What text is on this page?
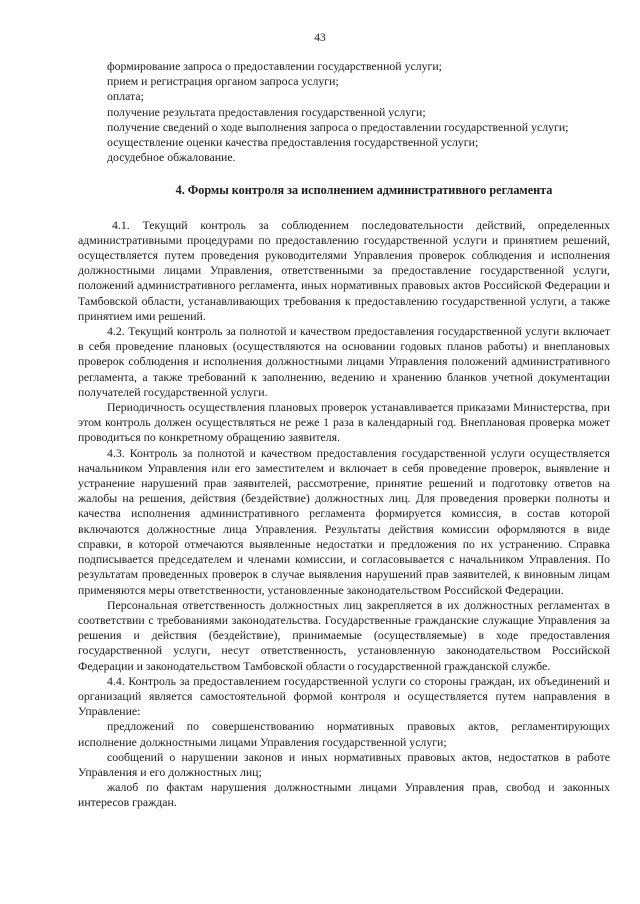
43

формирование запроса о предоставлении государственной услуги;

прием и регистрация органом запроса услуги;

оплата;

получение результата предоставления государственной услуги;

получение сведений о ходе выполнения запроса о предоставлении государственной услуги;

осуществление оценки качества предоставления государственной услуги;

досудебное обжалование.

4. Формы контроля за исполнением административного регламента

4.1. Текущий контроль за соблюдением последовательности действий, определенных административными процедурами по предоставлению государственной услуги и принятием решений, осуществляется путем проведения руководителями Управления проверок соблюдения и исполнения должностными лицами Управления, ответственными за предоставление государственной услуги, положений административного регламента, иных нормативных правовых актов Российской Федерации и Тамбовской области, устанавливающих требования к предоставлению государственной услуги, а также принятием ими решений.

4.2. Текущий контроль за полнотой и качеством предоставления государственной услуги включает в себя проведение плановых (осуществляются на основании годовых планов работы) и внеплановых проверок соблюдения и исполнения должностными лицами Управления положений административного регламента, а также требований к заполнению, ведению и хранению бланков учетной документации получателей государственной услуги.

Периодичность осуществления плановых проверок устанавливается приказами Министерства, при этом контроль должен осуществляться не реже 1 раза в календарный год. Внеплановая проверка может проводиться по конкретному обращению заявителя.

4.3. Контроль за полнотой и качеством предоставления государственной услуги осуществляется начальником Управления или его заместителем и включает в себя проведение проверок, выявление и устранение нарушений прав заявителей, рассмотрение, принятие решений и подготовку ответов на жалобы на решения, действия (бездействие) должностных лиц. Для проведения проверки полноты и качества исполнения административного регламента формируется комиссия, в состав которой включаются должностные лица Управления. Результаты действия комиссии оформляются в виде справки, в которой отмечаются выявленные недостатки и предложения по их устранению. Справка подписывается председателем и членами комиссии, и согласовывается с начальником Управления. По результатам проведенных проверок в случае выявления нарушений прав заявителей, к виновным лицам применяются меры ответственности, установленные законодательством Российской Федерации.

Персональная ответственность должностных лиц закрепляется в их должностных регламентах в соответствии с требованиями законодательства. Государственные гражданские служащие Управления за решения и действия (бездействие), принимаемые (осуществляемые) в ходе предоставления государственной услуги, несут ответственность, установленную законодательством Российской Федерации и законодательством Тамбовской области о государственной гражданской службе.

4.4. Контроль за предоставлением государственной услуги со стороны граждан, их объединений и организаций является самостоятельной формой контроля и осуществляется путем направления в Управление:

предложений по совершенствованию нормативных правовых актов, регламентирующих исполнение должностными лицами Управления государственной услуги;

сообщений о нарушении законов и иных нормативных правовых актов, недостатков в работе Управления и его должностных лиц;

жалоб по фактам нарушения должностными лицами Управления прав, свобод и законных интересов граждан.
